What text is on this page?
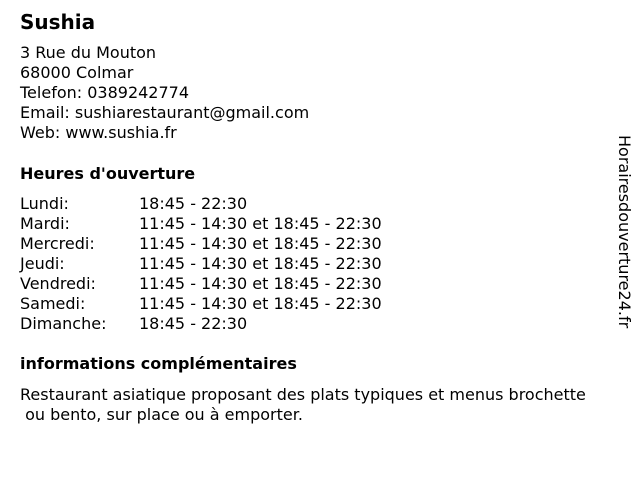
Sushia
3 Rue du Mouton
68000 Colmar
Telefon: 0389242774
Email: sushiarestaurant@gmail.com
Web: www.sushia.fr
Heures d'ouverture
Lundi:	18:45 - 22:30
Mardi:	11:45 - 14:30 et 18:45 - 22:30
Mercredi:	11:45 - 14:30 et 18:45 - 22:30
Jeudi:	11:45 - 14:30 et 18:45 - 22:30
Vendredi:	11:45 - 14:30 et 18:45 - 22:30
Samedi:	11:45 - 14:30 et 18:45 - 22:30
Dimanche: 18:45 - 22:30
informations complémentaires
Restaurant asiatique proposant des plats typiques et menus brochette
ou bento, sur place ou à emporter.
Horairesdouverture24.fr
